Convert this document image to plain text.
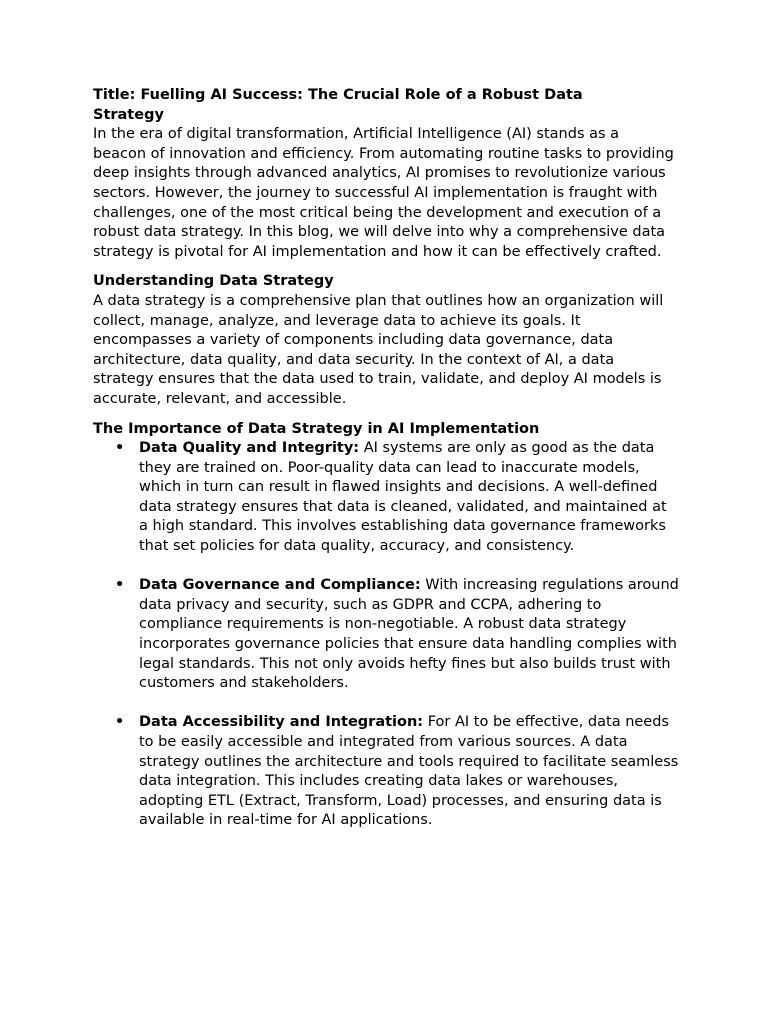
Title: Fuelling AI Success: The Crucial Role of a Robust Data Strategy

In the era of digital transformation, Artificial Intelligence (AI) stands as a beacon of innovation and efficiency. From automating routine tasks to providing deep insights through advanced analytics, AI promises to revolutionize various sectors. However, the journey to successful AI implementation is fraught with challenges, one of the most critical being the development and execution of a robust data strategy. In this blog, we will delve into why a comprehensive data strategy is pivotal for AI implementation and how it can be effectively crafted.

Understanding Data Strategy

A data strategy is a comprehensive plan that outlines how an organization will collect, manage, analyze, and leverage data to achieve its goals. It encompasses a variety of components including data governance, data architecture, data quality, and data security. In the context of AI, a data strategy ensures that the data used to train, validate, and deploy AI models is accurate, relevant, and accessible.

The Importance of Data Strategy in AI Implementation

• Data Quality and Integrity: AI systems are only as good as the data they are trained on. Poor-quality data can lead to inaccurate models, which in turn can result in flawed insights and decisions. A well-defined data strategy ensures that data is cleaned, validated, and maintained at a high standard. This involves establishing data governance frameworks that set policies for data quality, accuracy, and consistency.
• Data Governance and Compliance: With increasing regulations around data privacy and security, such as GDPR and CCPA, adhering to compliance requirements is non-negotiable. A robust data strategy incorporates governance policies that ensure data handling complies with legal standards. This not only avoids hefty fines but also builds trust with customers and stakeholders.
• Data Accessibility and Integration: For AI to be effective, data needs to be easily accessible and integrated from various sources. A data strategy outlines the architecture and tools required to facilitate seamless data integration. This includes creating data lakes or warehouses, adopting ETL (Extract, Transform, Load) processes, and ensuring data is available in real-time for AI applications.
